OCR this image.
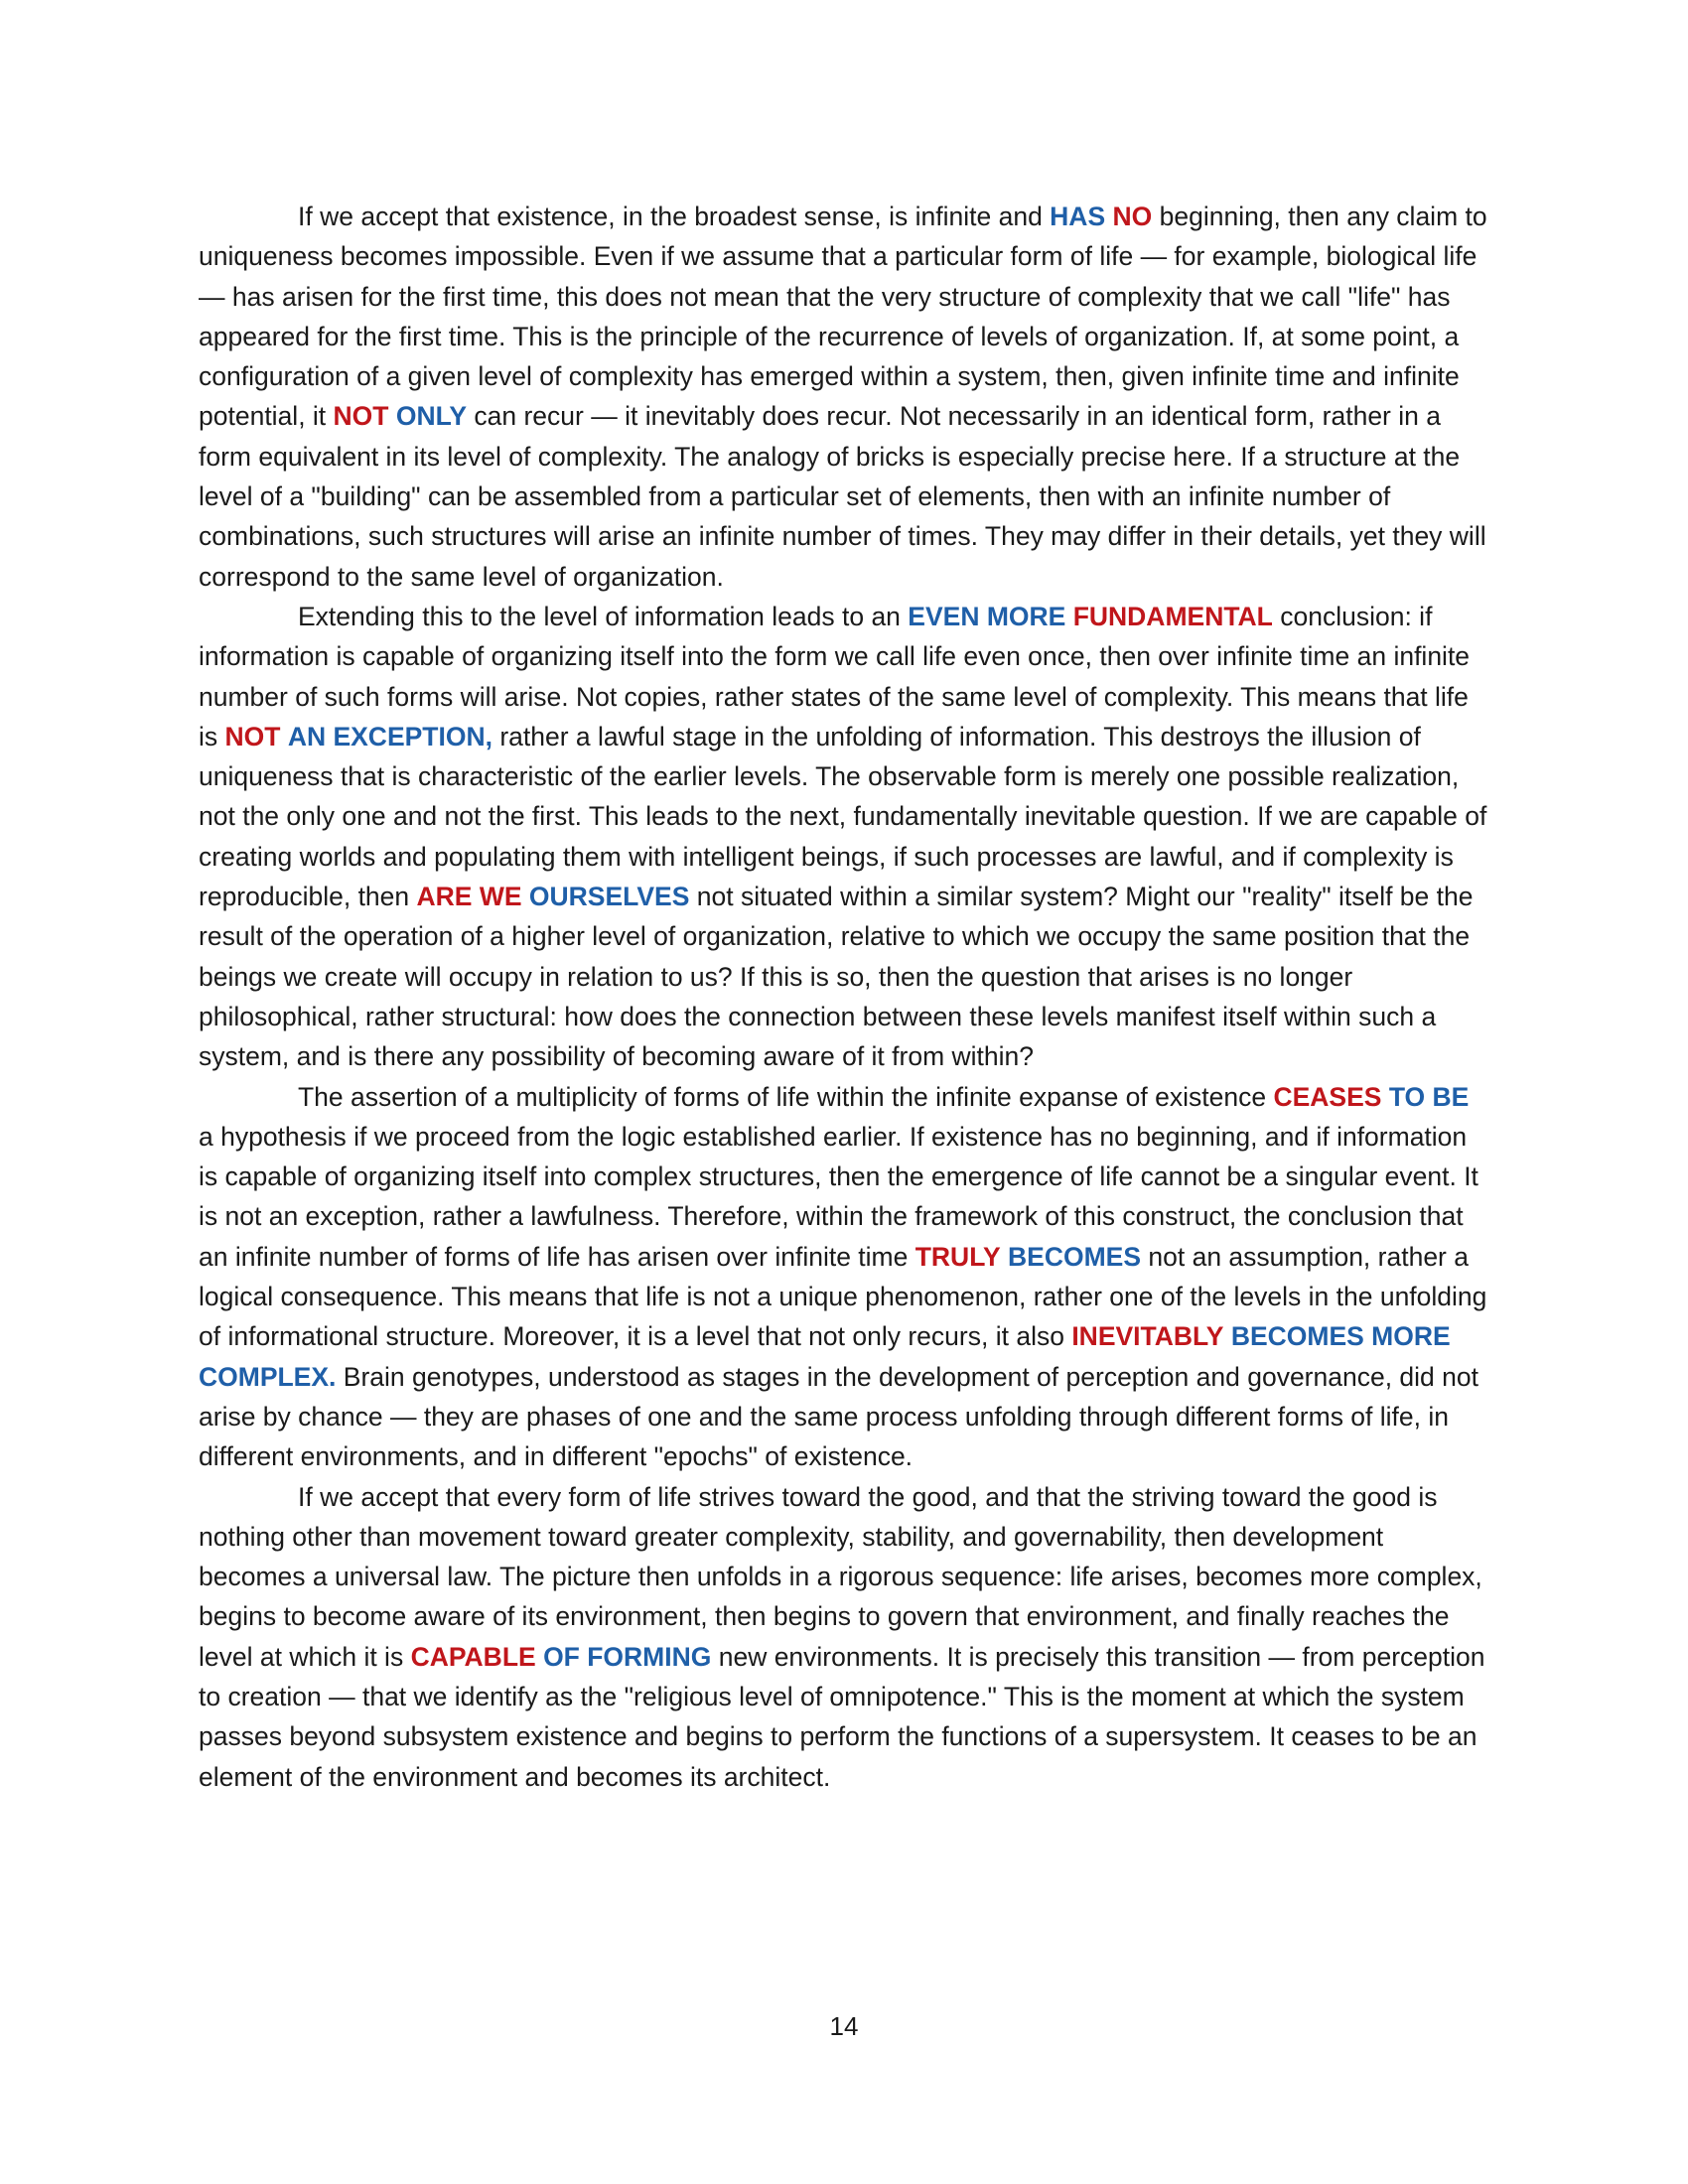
If we accept that existence, in the broadest sense, is infinite and HAS NO beginning, then any claim to uniqueness becomes impossible. Even if we assume that a particular form of life — for example, biological life — has arisen for the first time, this does not mean that the very structure of complexity that we call "life" has appeared for the first time. This is the principle of the recurrence of levels of organization. If, at some point, a configuration of a given level of complexity has emerged within a system, then, given infinite time and infinite potential, it NOT ONLY can recur — it inevitably does recur. Not necessarily in an identical form, rather in a form equivalent in its level of complexity. The analogy of bricks is especially precise here. If a structure at the level of a "building" can be assembled from a particular set of elements, then with an infinite number of combinations, such structures will arise an infinite number of times. They may differ in their details, yet they will correspond to the same level of organization.

Extending this to the level of information leads to an EVEN MORE FUNDAMENTAL conclusion: if information is capable of organizing itself into the form we call life even once, then over infinite time an infinite number of such forms will arise. Not copies, rather states of the same level of complexity. This means that life is NOT AN EXCEPTION, rather a lawful stage in the unfolding of information. This destroys the illusion of uniqueness that is characteristic of the earlier levels. The observable form is merely one possible realization, not the only one and not the first. This leads to the next, fundamentally inevitable question. If we are capable of creating worlds and populating them with intelligent beings, if such processes are lawful, and if complexity is reproducible, then ARE WE OURSELVES not situated within a similar system? Might our "reality" itself be the result of the operation of a higher level of organization, relative to which we occupy the same position that the beings we create will occupy in relation to us? If this is so, then the question that arises is no longer philosophical, rather structural: how does the connection between these levels manifest itself within such a system, and is there any possibility of becoming aware of it from within?

The assertion of a multiplicity of forms of life within the infinite expanse of existence CEASES TO BE a hypothesis if we proceed from the logic established earlier. If existence has no beginning, and if information is capable of organizing itself into complex structures, then the emergence of life cannot be a singular event. It is not an exception, rather a lawfulness. Therefore, within the framework of this construct, the conclusion that an infinite number of forms of life has arisen over infinite time TRULY BECOMES not an assumption, rather a logical consequence. This means that life is not a unique phenomenon, rather one of the levels in the unfolding of informational structure. Moreover, it is a level that not only recurs, it also INEVITABLY BECOMES MORE COMPLEX. Brain genotypes, understood as stages in the development of perception and governance, did not arise by chance — they are phases of one and the same process unfolding through different forms of life, in different environments, and in different "epochs" of existence.

If we accept that every form of life strives toward the good, and that the striving toward the good is nothing other than movement toward greater complexity, stability, and governability, then development becomes a universal law. The picture then unfolds in a rigorous sequence: life arises, becomes more complex, begins to become aware of its environment, then begins to govern that environment, and finally reaches the level at which it is CAPABLE OF FORMING new environments. It is precisely this transition — from perception to creation — that we identify as the "religious level of omnipotence." This is the moment at which the system passes beyond subsystem existence and begins to perform the functions of a supersystem. It ceases to be an element of the environment and becomes its architect.

14
